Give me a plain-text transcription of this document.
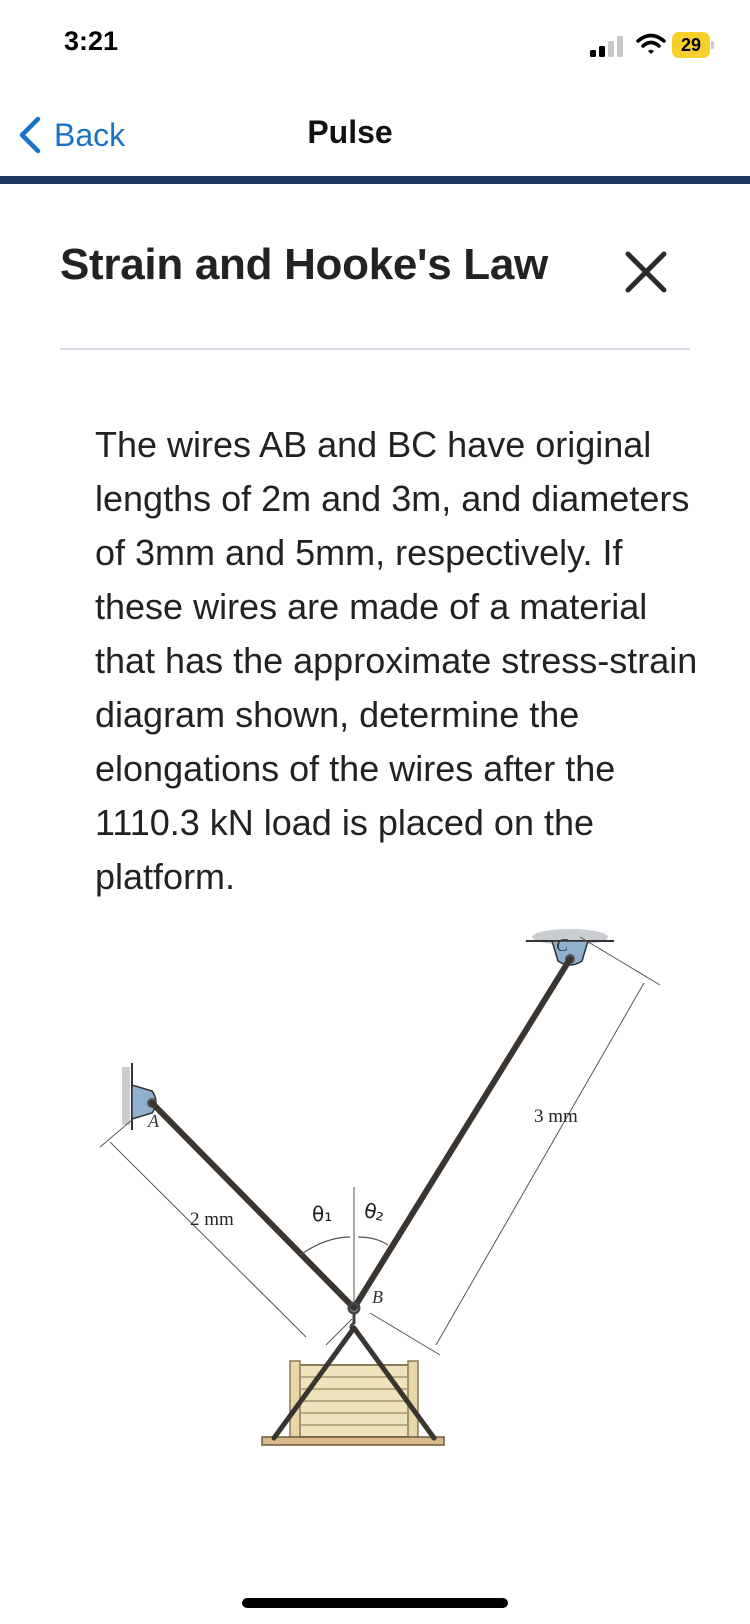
3:21	29
Back	Pulse
Strain and Hooke's Law
The wires AB and BC have original lengths of 2m and 3m, and diameters of 3mm and 5mm, respectively. If these wires are made of a material that has the approximate stress-strain diagram shown, determine the elongations of the wires after the 1110.3 kN load is placed on the platform.
A
B
C
2 mm
3 mm
θ₁ θ₂
